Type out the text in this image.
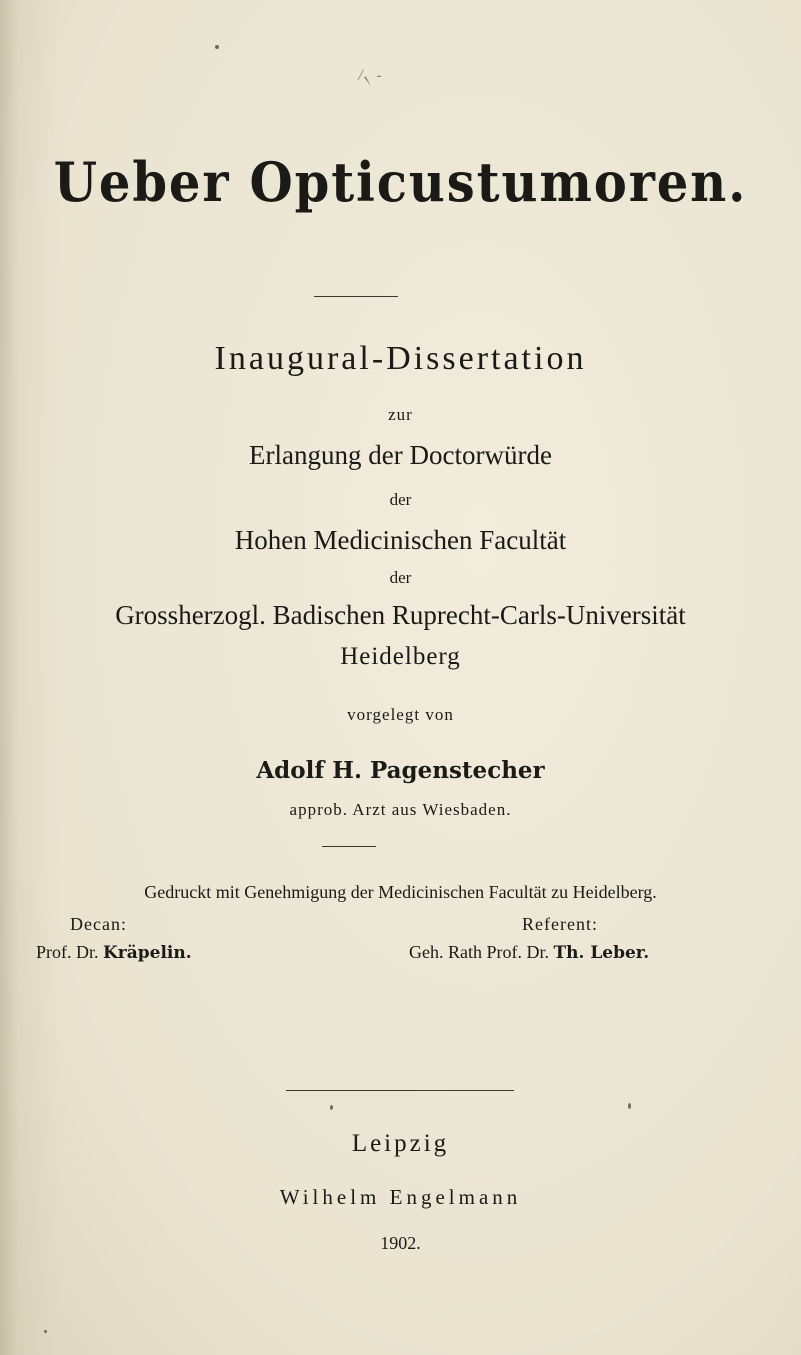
/৲ -
Ueber Opticustumoren.
Inaugural-Dissertation
zur
Erlangung der Doctorwürde
der
Hohen Medicinischen Facultät
der
Grossherzogl. Badischen Ruprecht-Carls-Universität
Heidelberg
vorgelegt von
Adolf H. Pagenstecher
approb. Arzt aus Wiesbaden.
Gedruckt mit Genehmigung der Medicinischen Facultät zu Heidelberg.
Decan:
Prof. Dr. Kräpelin.
Referent:
Geh. Rath Prof. Dr. Th. Leber.
Leipzig
Wilhelm Engelmann
1902.
